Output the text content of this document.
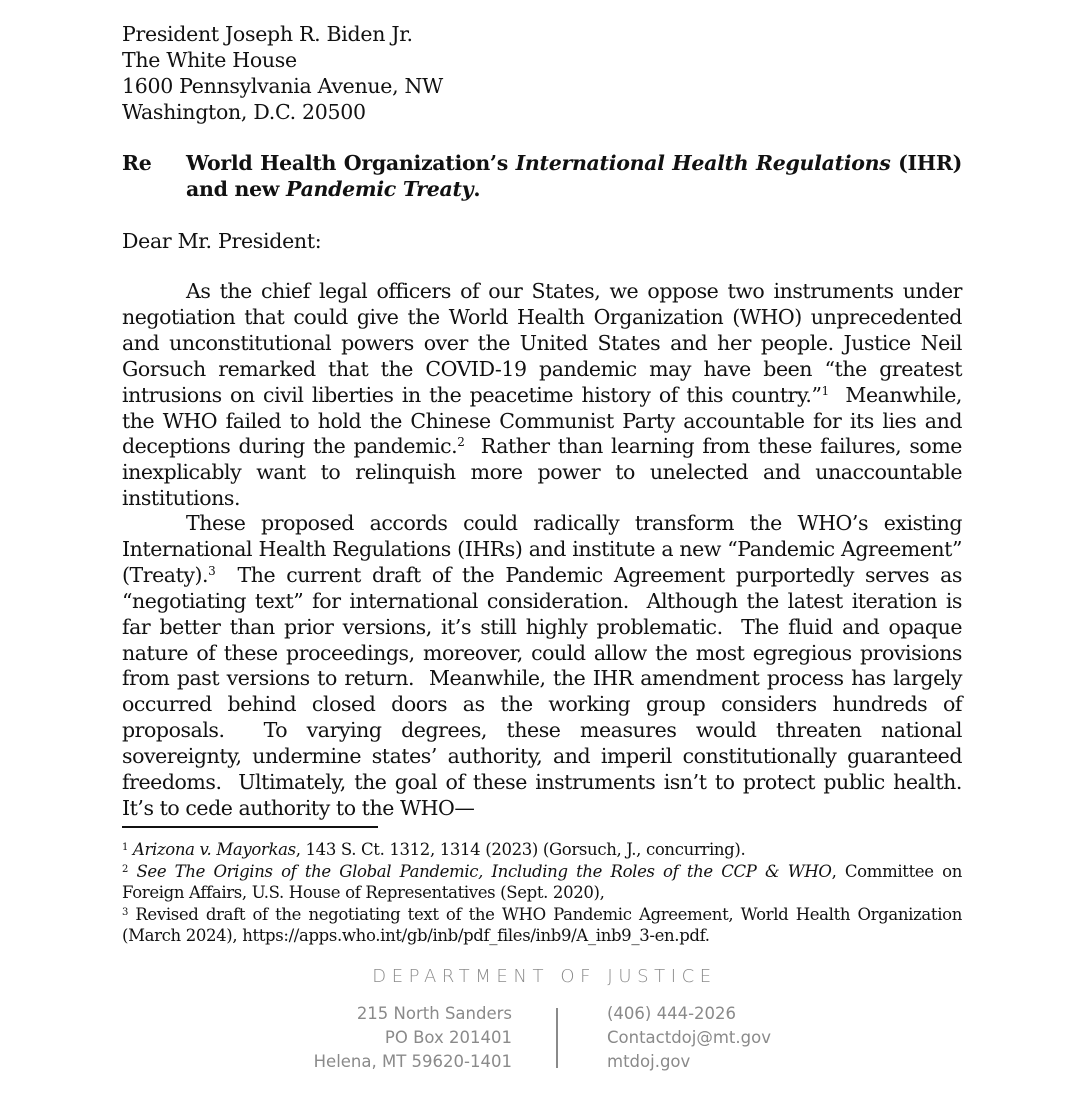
President Joseph R. Biden Jr.
The White House
1600 Pennsylvania Avenue, NW
Washington, D.C. 20500
Re World Health Organization’s International Health Regulations (IHR) and new Pandemic Treaty.
Dear Mr. President:

As the chief legal officers of our States, we oppose two instruments under negotiation that could give the World Health Organization (WHO) unprecedented and unconstitutional powers over the United States and her people. Justice Neil Gorsuch remarked that the COVID-19 pandemic may have been “the greatest intrusions on civil liberties in the peacetime history of this country.”$^1$  Meanwhile, the WHO failed to hold the Chinese Communist Party accountable for its lies and deceptions during the pandemic.$^2$  Rather than learning from these failures, some inexplicably want to relinquish more power to unelected and unaccountable institutions.

These proposed accords could radically transform the WHO’s existing International Health Regulations (IHRs) and institute a new “Pandemic Agreement” (Treaty).$^3$  The current draft of the Pandemic Agreement purportedly serves as “negotiating text” for international consideration.  Although the latest iteration is far better than prior versions, it’s still highly problematic.  The fluid and opaque nature of these proceedings, moreover, could allow the most egregious provisions from past versions to return.  Meanwhile, the IHR amendment process has largely occurred behind closed doors as the working group considers hundreds of proposals.  To varying degrees, these measures would threaten national sovereignty, undermine states’ authority, and imperil constitutionally guaranteed freedoms.  Ultimately, the goal of these instruments isn’t to protect public health.  It’s to cede authority to the WHO—

$^1$ Arizona v. Mayorkas, 143 S. Ct. 1312, 1314 (2023) (Gorsuch, J., concurring).
$^2$ See The Origins of the Global Pandemic, Including the Roles of the CCP & WHO, Committee on Foreign Affairs, U.S. House of Representatives (Sept. 2020),
$^3$ Revised draft of the negotiating text of the WHO Pandemic Agreement, World Health Organization (March 2024), https://apps.who.int/gb/inb/pdf_files/inb9/A_inb9_3-en.pdf.
DEPARTMENT OF JUSTICE
215 North Sanders
PO Box 201401
Helena, MT 59620-1401
(406) 444-2026
Contactdoj@mt.gov
mtdoj.gov
